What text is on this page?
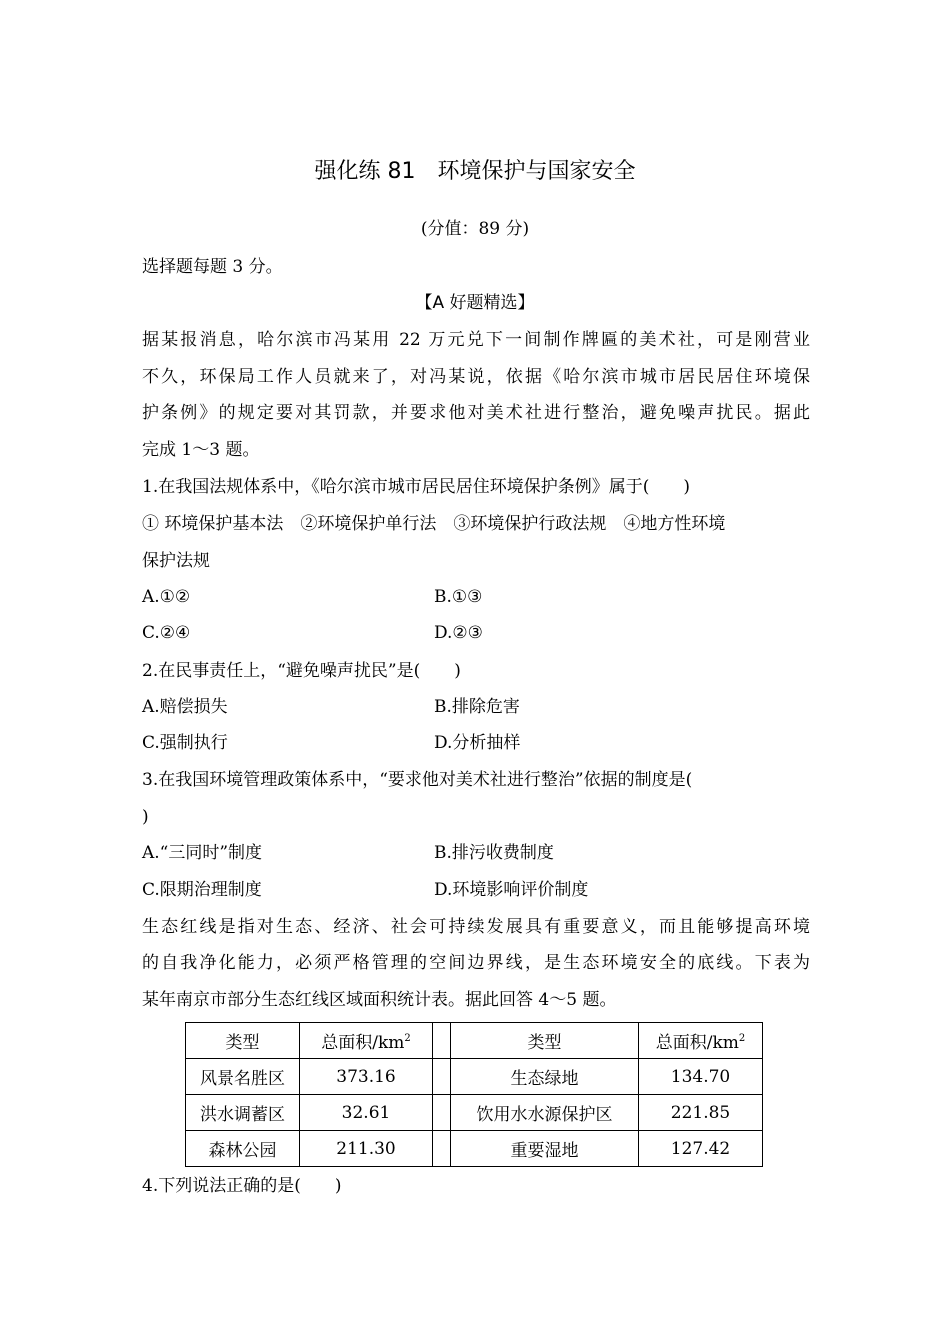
强化练 81　环境保护与国家安全
(分值：89 分)
选择题每题 3 分。
【A 好题精选】
据某报消息，哈尔滨市冯某用 22 万元兑下一间制作牌匾的美术社，可是刚营业
不久，环保局工作人员就来了，对冯某说，依据《哈尔滨市城市居民居住环境保
护条例》的规定要对其罚款，并要求他对美术社进行整治，避免噪声扰民。据此
完成 1～3 题。
1.在我国法规体系中，《哈尔滨市城市居民居住环境保护条例》属于(　　)
① 环境保护基本法　②环境保护单行法　③环境保护行政法规　④地方性环境
保护法规
A.①②	B.①③
C.②④	D.②③
2.在民事责任上，“避免噪声扰民”是(　　)
A.赔偿损失	B.排除危害
C.强制执行	D.分析抽样
3.在我国环境管理政策体系中，“要求他对美术社进行整治”依据的制度是(
)
A.“三同时”制度	B.排污收费制度
C.限期治理制度	D.环境影响评价制度
生态红线是指对生态、经济、社会可持续发展具有重要意义，而且能够提高环境
的自我净化能力，必须严格管理的空间边界线，是生态环境安全的底线。下表为
某年南京市部分生态红线区域面积统计表。据此回答 4～5 题。
类型	总面积$/km^2$		类型	总面积$/km^2$
风景名胜区	373.16		生态绿地	134.70
洪水调蓄区	32.61		饮用水水源保护区	221.85
森林公园	211.30		重要湿地	127.42
4.下列说法正确的是(　　)
